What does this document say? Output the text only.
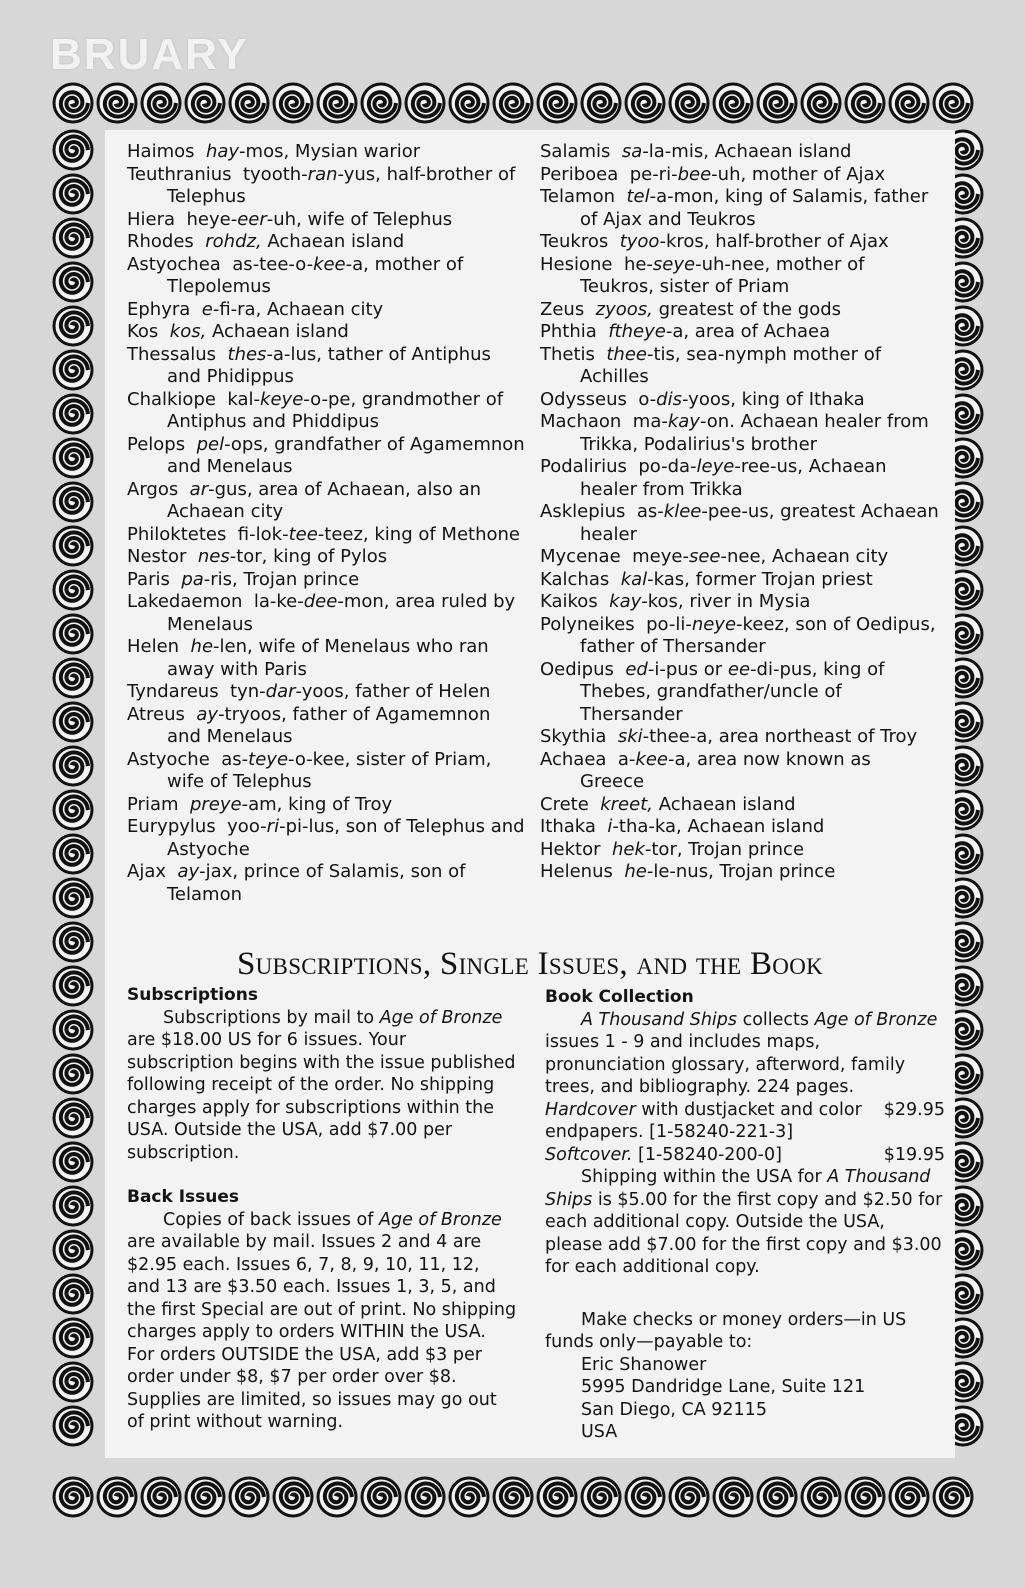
BRUARY

Haimos hay-mos, Mysian warior

Teuthranius tyooth-ran-yus, half-brother of Telephus

Hiera heye-eer-uh, wife of Telephus

Rhodes rohdz, Achaean island

Astyochea as-tee-o-kee-a, mother of Tlepolemus

Ephyra e-fi-ra, Achaean city

Kos kos, Achaean island

Thessalus thes-a-lus, tather of Antiphus and Phidippus

Chalkiope kal-keye-o-pe, grandmother of Antiphus and Phiddipus

Pelops pel-ops, grandfather of Agamemnon and Menelaus

Argos ar-gus, area of Achaean, also an Achaean city

Philoktetes fi-lok-tee-teez, king of Methone

Nestor nes-tor, king of Pylos

Paris pa-ris, Trojan prince

Lakedaemon la-ke-dee-mon, area ruled by Menelaus

Helen he-len, wife of Menelaus who ran away with Paris

Tyndareus tyn-dar-yoos, father of Helen

Atreus ay-tryoos, father of Agamemnon and Menelaus

Astyoche as-teye-o-kee, sister of Priam, wife of Telephus

Priam preye-am, king of Troy

Eurypylus yoo-ri-pi-lus, son of Telephus and Astyoche

Ajax ay-jax, prince of Salamis, son of Telamon

Salamis sa-la-mis, Achaean island

Periboea pe-ri-bee-uh, mother of Ajax

Telamon tel-a-mon, king of Salamis, father of Ajax and Teukros

Teukros tyoo-kros, half-brother of Ajax

Hesione he-seye-uh-nee, mother of Teukros, sister of Priam

Zeus zyoos, greatest of the gods

Phthia ftheye-a, area of Achaea

Thetis thee-tis, sea-nymph mother of Achilles

Odysseus o-dis-yoos, king of Ithaka

Machaon ma-kay-on. Achaean healer from Trikka, Podalirius's brother

Podalirius po-da-leye-ree-us, Achaean healer from Trikka

Asklepius as-klee-pee-us, greatest Achaean healer

Mycenae meye-see-nee, Achaean city

Kalchas kal-kas, former Trojan priest

Kaikos kay-kos, river in Mysia

Polyneikes po-li-neye-keez, son of Oedipus, father of Thersander

Oedipus ed-i-pus or ee-di-pus, king of Thebes, grandfather/uncle of Thersander

Skythia ski-thee-a, area northeast of Troy

Achaea a-kee-a, area now known as Greece

Crete kreet, Achaean island

Ithaka i-tha-ka, Achaean island

Hektor hek-tor, Trojan prince

Helenus he-le-nus, Trojan prince

Subscriptions, Single Issues, and the Book

Subscriptions

Subscriptions by mail to Age of Bronze are $18.00 US for 6 issues. Your subscription begins with the issue published following receipt of the order. No shipping charges apply for subscriptions within the USA. Outside the USA, add $7.00 per subscription.

Back Issues

Copies of back issues of Age of Bronze are available by mail. Issues 2 and 4 are $2.95 each. Issues 6, 7, 8, 9, 10, 11, 12, and 13 are $3.50 each. Issues 1, 3, 5, and the first Special are out of print. No shipping charges apply to orders WITHIN the USA. For orders OUTSIDE the USA, add $3 per order under $8, $7 per order over $8. Supplies are limited, so issues may go out of print without warning.

Book Collection

A Thousand Ships collects Age of Bronze issues 1 - 9 and includes maps, pronunciation glossary, afterword, family trees, and bibliography. 224 pages.

Hardcover with dustjacket and color endpapers. [1-58240-221-3]
$29.95

Softcover. [1-58240-200-0]	$19.95

Shipping within the USA for A Thousand Ships is $5.00 for the first copy and $2.50 for each additional copy. Outside the USA, please add $7.00 for the first copy and $3.00 for each additional copy.

Make checks or money orders—in US funds only—payable to:

Eric Shanower

5995 Dandridge Lane, Suite 121

San Diego, CA 92115

USA
